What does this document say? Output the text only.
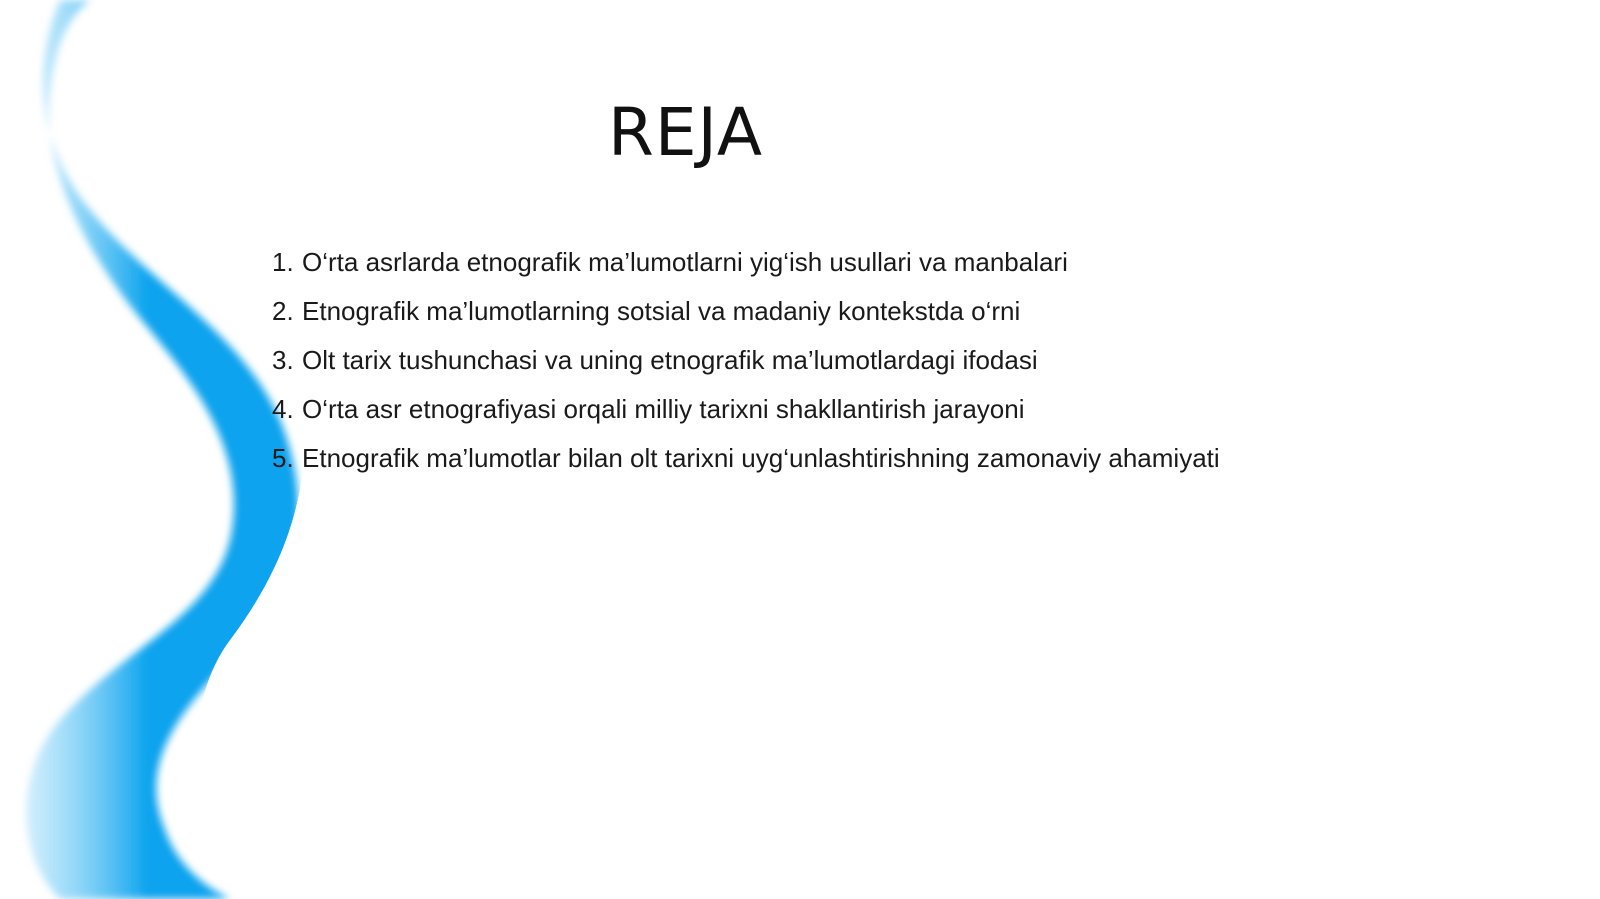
REJA
1. O‘rta asrlarda etnografik ma’lumotlarni yig‘ish usullari va manbalari
2. Etnografik ma’lumotlarning sotsial va madaniy kontekstda o‘rni
3. Olt tarix tushunchasi va uning etnografik ma’lumotlardagi ifodasi
4. O‘rta asr etnografiyasi orqali milliy tarixni shakllantirish jarayoni
5. Etnografik ma’lumotlar bilan olt tarixni uyg‘unlashtirishning zamonaviy ahamiyati
